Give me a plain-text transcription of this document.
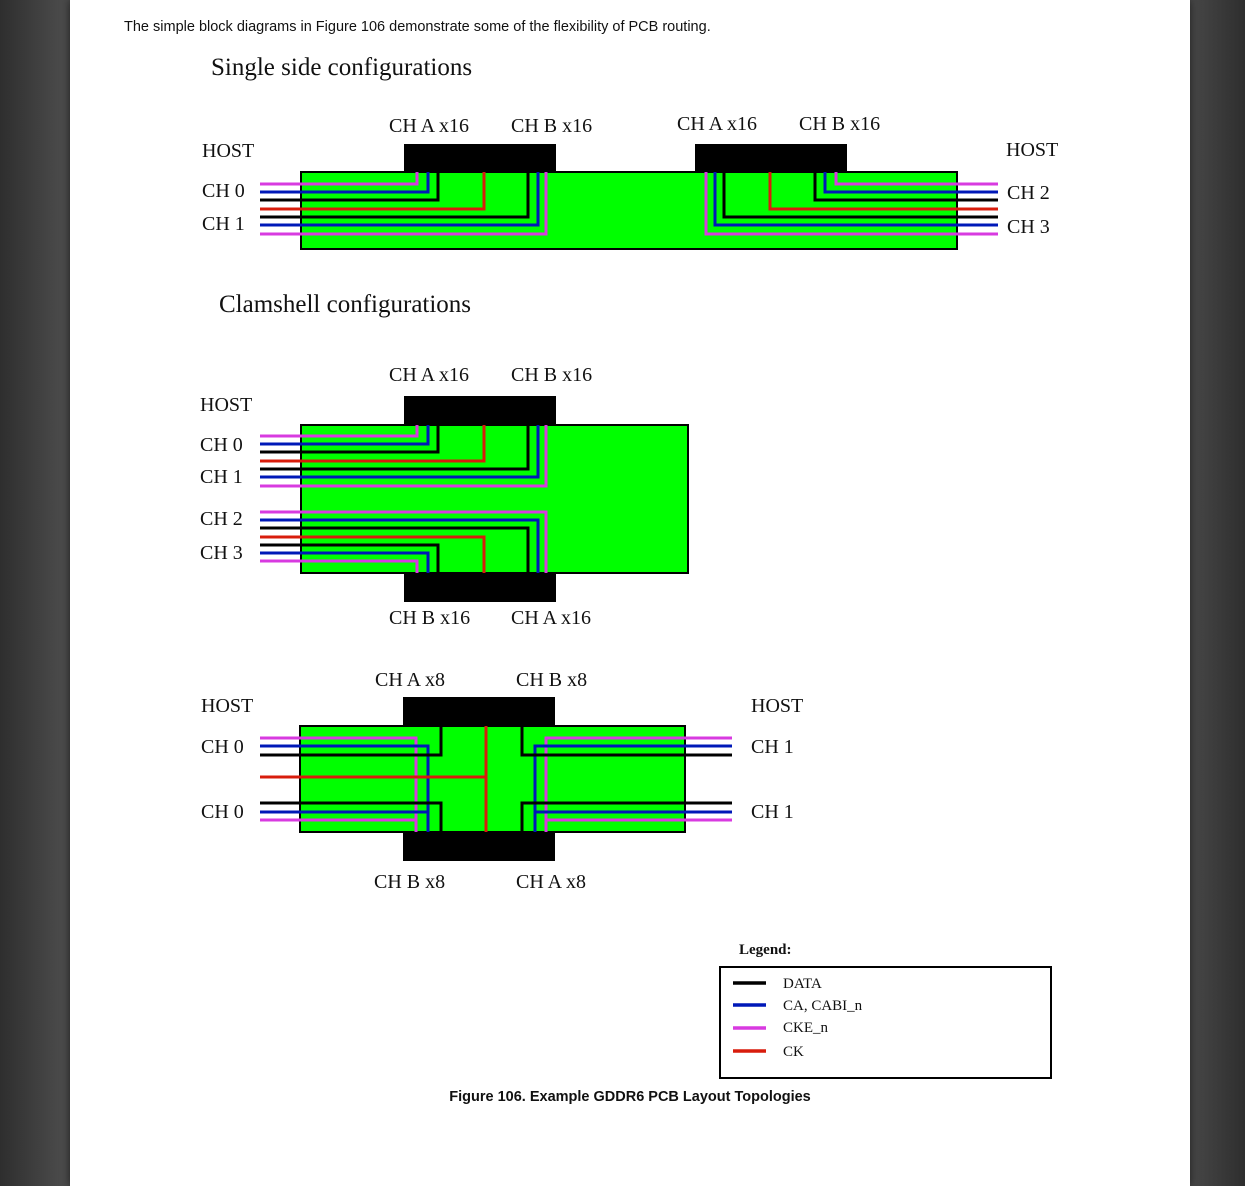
The simple block diagrams in Figure 106 demonstrate some of the flexibility of PCB routing.
Single side configurations
HOST	HOST
CH 0
CH 1
CH 2
CH 3
CH A x16 CH B x16	CH A x16 CH B x16
Clamshell configurations
HOST
CH 0
CH 1
CH 2
CH 3
CH A x16 CH B x16
CH B x16 CH A x16
HOST	HOST
CH 0
CH 0
CH 1
CH 1
CH A x8	CH B x8
CH B x8	CH A x8
Legend:
DATA
CA, CABI_n
CKE_n
CK
Figure 106. Example GDDR6 PCB Layout Topologies
